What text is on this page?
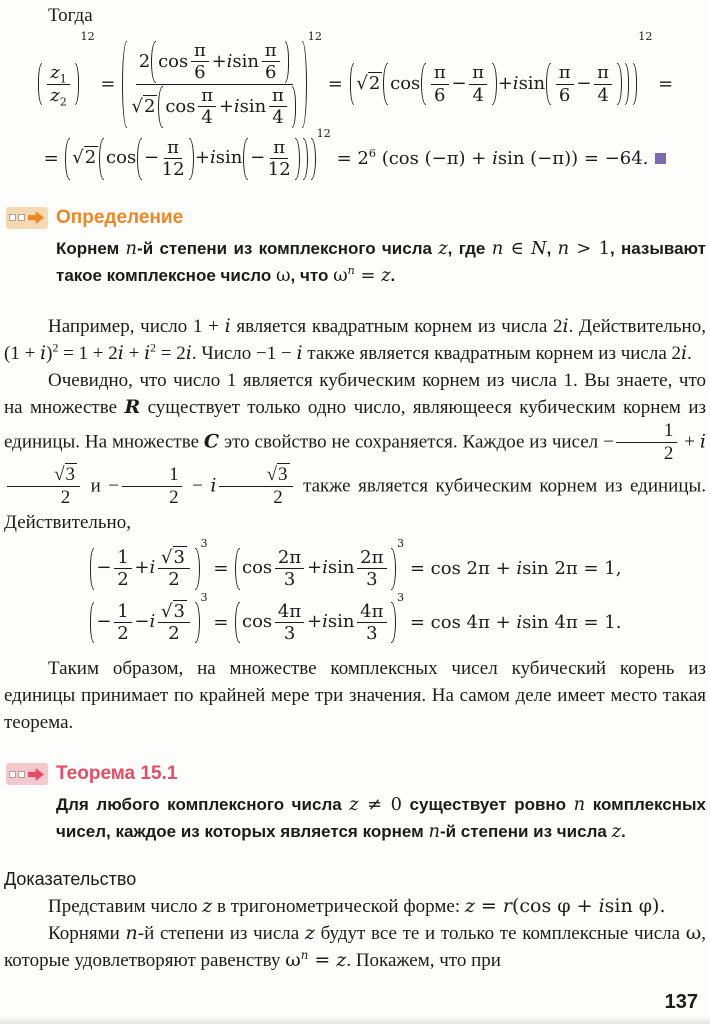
Тогда

$\frac{z_1}{z_2}$
$^{12}$ = 2 $\cos \frac{\pi}{6} + i$ $\sin \frac{\pi}{6}$
√ 2 $\cos \frac{\pi}{4} + i$ $\sin \frac{\pi}{4}$
$^{12}$ =	√ 2 $\cos \frac{\pi}{6} - \frac{\pi}{4} + i$ $\sin \frac{\pi}{6} - \frac{\pi}{4}$
$^{12}$ =
=	√ 2 $\cos - \frac{\pi}{12} + i$ $\sin - \frac{\pi}{12}$
$^{12} = 2^6$ (cos (−π) + isin (−π)) = −64.
Определение

Корнем n-й степени из комплексного числа z, где n ∈ N, n > 1, называют такое комплексное число ω, что $\omega^n = z$.

Например, число 1 + i является квадратным корнем из числа 2i. Действительно, $(1 + i)^2 = 1 + 2i + i^2 = 2i$. Число −1 − i также является квадратным корнем из числа 2i.

Очевидно, что число 1 является кубическим корнем из числа 1. Вы знаете, что на множестве R существует только одно число, являющееся кубическим корнем из единицы. На множестве C это свойство не сохраняется. Каждое из чисел − $\frac{1}{2} + i$
√ $\frac{3}{2}$ $и - \frac{1}{2} - i$ √ $\frac{3}{2}$ также является кубическим корнем из единицы. Действительно,

− $\frac{1}{2} + i$ √ $\frac{3}{2}$
$^3 = \cos \frac{2\pi}{3} + i$ $\sin \frac{2\pi}{3}$
$^3$ = cos 2π + isin 2π = 1,
− $\frac{1}{2} - i$ √ $\frac{3}{2}$
$^3 = \cos \frac{4\pi}{3} + i$ $\sin \frac{4\pi}{3}$
$^3$ = cos 4π + isin 4π = 1.

Таким образом, на множестве комплексных чисел кубический корень из единицы принимает по крайней мере три значения. На самом деле имеет место такая теорема.

Теорема 15.1

Для любого комплексного числа z ≠ 0 существует ровно n комплексных чисел, каждое из которых является корнем n-й степени из числа z.

Доказательство

Представим число z в тригонометрической форме: z = r(cos φ + isin φ).

Корнями n-й степени из числа z будут все те и только те комплексные числа ω, которые удовлетворяют равенству $\omega^n = z$. Покажем, что при

137
